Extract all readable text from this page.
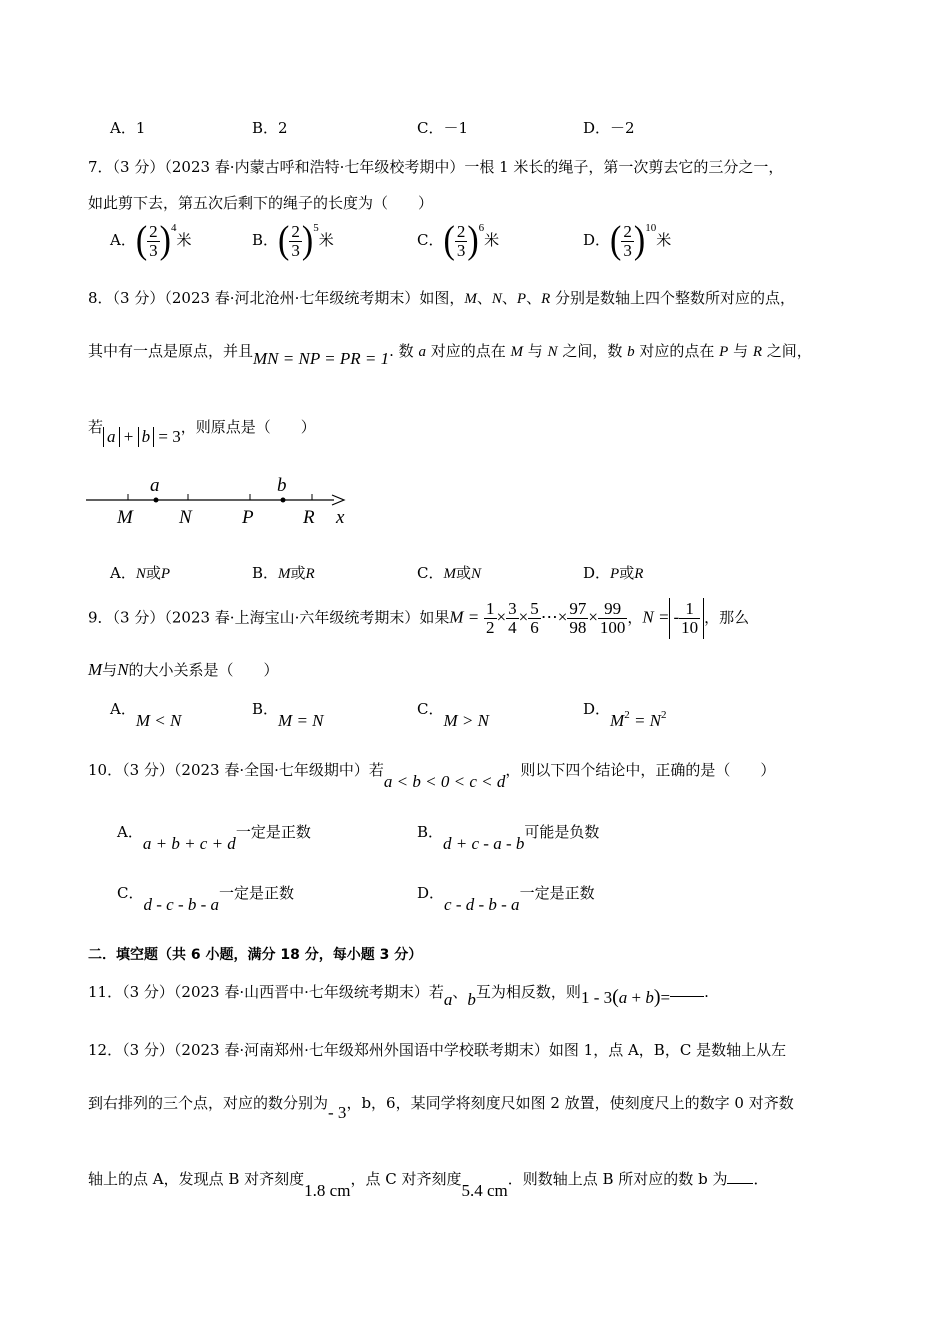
A．1	B．2	C．－1	D．－2
7．（3 分）（2023 春·内蒙古呼和浩特·七年级校考期中）一根 1 米长的绳子，第一次剪去它的三分之一，
如此剪下去，第五次后剩下的绳子的长度为（　　）
A．( $\frac{2}{3} )^4$米	B．( $\frac{2}{3} )^5$米	C．( $\frac{2}{3} )^6$米	D．( $\frac{2}{3} )^{10}$米
8．（3 分）（2023 春·河北沧州·七年级统考期末）如图，M、N、P、R 分别是数轴上四个整数所对应的点，
其中有一点是原点，并且MN = NP = PR = 1. 数 a 对应的点在 M 与 N 之间，数 b 对应的点在 P 与 R 之间，
若 a + b = 3，则原点是（　　）
a	b
M N	P	R x
A．N或P	B．M或R	C．M或N	D．P或R
9．（3 分）（2023 春·上海宝山·六年级统考期末）如果$M = \frac{1}{2} \times \frac{3}{4} \times \frac{5}{6}$ ⋯× $\frac{97}{98} \times \frac{99}{100}$ ，N = - $\frac{1}{10}$ ，那么
M与N的大小关系是（　　）
A．M < N
B．M = N
C．M > N
D．$M^2 = N^2$
10．（3 分）（2023 春·全国·七年级期中）若a < b < 0 < c < d，则以下四个结论中，正确的是（　　）
A．a + b + c + d一定是正数	B．d + c - a - b可能是负数
C．d - c - b - a一定是正数	D．c - d - b - a一定是正数
二．填空题（共 6 小题，满分 18 分，每小题 3 分）
11．（3 分）（2023 春·山西晋中·七年级统考期末）若a、b互为相反数，则1 - 3(a + b)= .
12．（3 分）（2023 春·河南郑州·七年级郑州外国语中学校联考期末）如图 1，点 A，B，C 是数轴上从左
到右排列的三个点，对应的数分别为- 3，b，6，某同学将刻度尺如图 2 放置，使刻度尺上的数字 0 对齐数
轴上的点 A，发现点 B 对齐刻度1.8 cm，点 C 对齐刻度5.4 cm．则数轴上点 B 所对应的数 b 为 ．
